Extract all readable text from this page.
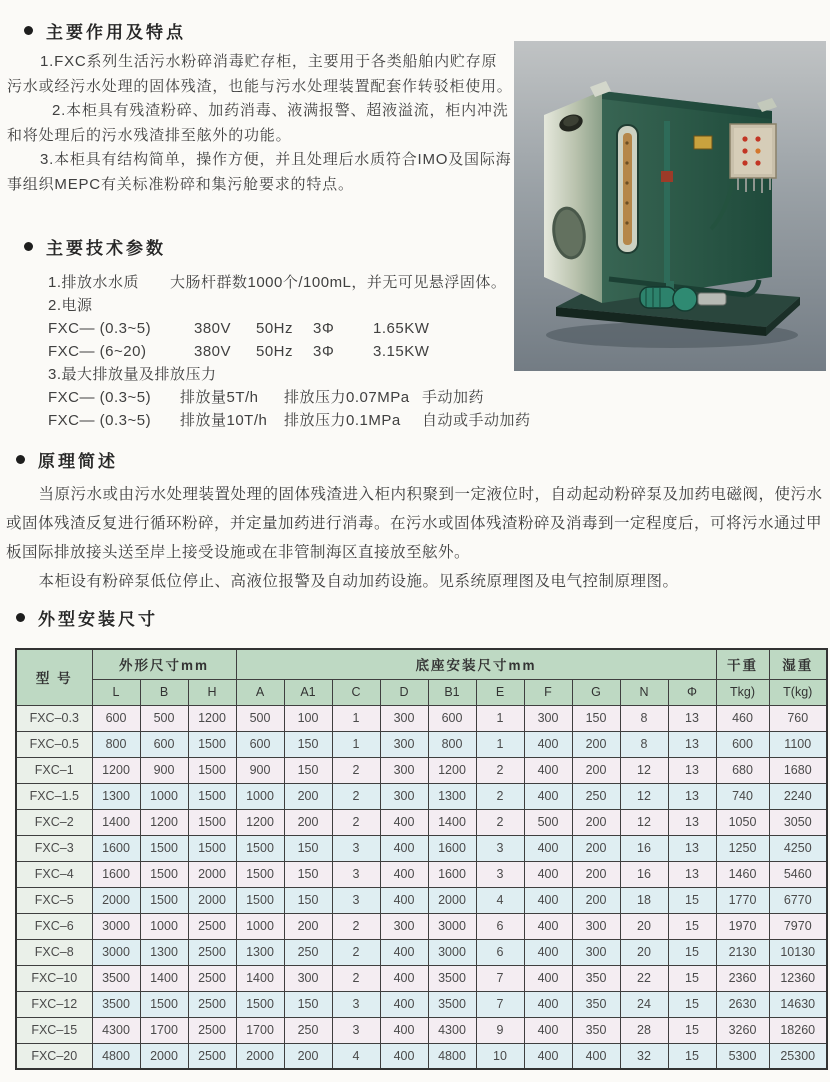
主要作用及特点

1.FXC系列生活污水粉碎消毒贮存柜，主要用于各类船舶内贮存原污水或经污水处理的固体残渣，也能与污水处理装置配套作转驳柜使用。

2.本柜具有残渣粉碎、加药消毒、液满报警、超液溢流，柜内冲洗和将处理后的污水残渣排至舷外的功能。

3.本柜具有结构简单，操作方便，并且处理后水质符合IMO及国际海事组织MEPC有关标准粉碎和集污舱要求的特点。

主要技术参数
1.排放水水质	大肠杆群数1000个/100mL，并无可见悬浮固体。
2.电源
FXC— (0.3~5)	380V	50Hz	3Φ	1.65KW
FXC— (6~20)	380V	50Hz	3Φ	3.15KW
3.最大排放量及排放压力
FXC— (0.3~5)	排放量5T/h	排放压力0.07MPa 手动加药
FXC— (0.3~5)	排放量10T/h	排放压力0.1MPa	自动或手动加药
原理简述

当原污水或由污水处理装置处理的固体残渣进入柜内积聚到一定液位时，自动起动粉碎泵及加药电磁阀，使污水或固体残渣反复进行循环粉碎，并定量加药进行消毒。在污水或固体残渣粉碎及消毒到一定程度后，可将污水通过甲板国际排放接头送至岸上接受设施或在非管制海区直接放至舷外。

本柜设有粉碎泵低位停止、高液位报警及自动加药设施。见系统原理图及电气控制原理图。

外型安装尺寸
型 号	外形尺寸mm			底座安装尺寸mm										干重	湿重
	L	B	H	A	A1	C	D	B1	E	F	G	N	Φ	Tkg)	T(kg)
FXC–0.3	600	500	1200	500	100	1	300	600	1	300	150	8	13	460	760
FXC–0.5	800	600	1500	600	150	1	300	800	1	400	200	8	13	600	1100
FXC–1	1200	900	1500	900	150	2	300	1200	2	400	200	12	13	680	1680
FXC–1.5	1300	1000	1500	1000	200	2	300	1300	2	400	250	12	13	740	2240
FXC–2	1400	1200	1500	1200	200	2	400	1400	2	500	200	12	13	1050	3050
FXC–3	1600	1500	1500	1500	150	3	400	1600	3	400	200	16	13	1250	4250
FXC–4	1600	1500	2000	1500	150	3	400	1600	3	400	200	16	13	1460	5460
FXC–5	2000	1500	2000	1500	150	3	400	2000	4	400	200	18	15	1770	6770
FXC–6	3000	1000	2500	1000	200	2	300	3000	6	400	300	20	15	1970	7970
FXC–8	3000	1300	2500	1300	250	2	400	3000	6	400	300	20	15	2130	10130
FXC–10	3500	1400	2500	1400	300	2	400	3500	7	400	350	22	15	2360	12360
FXC–12	3500	1500	2500	1500	150	3	400	3500	7	400	350	24	15	2630	14630
FXC–15	4300	1700	2500	1700	250	3	400	4300	9	400	350	28	15	3260	18260
FXC–20	4800	2000	2500	2000	200	4	400	4800	10	400	400	32	15	5300	25300
